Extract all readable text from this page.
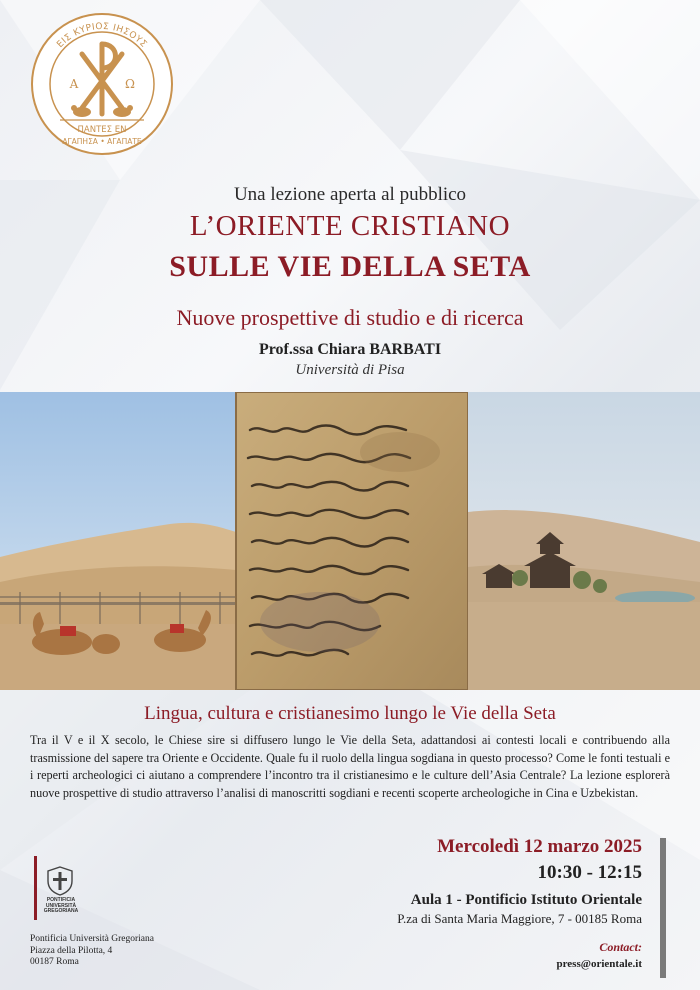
ΕΙΣ ΚΥΡΙΟΣ ΙΗΣΟΥΣ
Α	Ω
ΠΑΝΤΕΣ ΕΝ
ΑΓΑΠΗΣΑ • ΑΓΑΠΑΤΕ
Una lezione aperta al pubblico
L’ORIENTE CRISTIANO
SULLE VIE DELLA SETA
Nuove prospettive di studio e di ricerca
Prof.ssa Chiara BARBATI
Università di Pisa
Lingua, cultura e cristianesimo lungo le Vie della Seta
Tra il V e il X secolo, le Chiese sire si diffusero lungo le Vie della Seta, adattandosi ai contesti locali e contribuendo alla trasmissione del sapere tra Oriente e Occidente. Quale fu il ruolo della lingua sogdiana in questo processo? Come le fonti testuali e i reperti archeologici ci aiutano a comprendere l’incontro tra il cristianesimo e le culture dell’Asia Centrale? La lezione esplorerà nuove prospettive di studio attraverso l’analisi di manoscritti sogdiani e recenti scoperte archeologiche in Cina e Uzbekistan.
PONTIFICIA
UNIVERSITÀ
GREGORIANA
Pontificia Università Gregoriana
Piazza della Pilotta, 4
00187 Roma
Mercoledì 12 marzo 2025
10:30 - 12:15
Aula 1 - Pontificio Istituto Orientale
P.za di Santa Maria Maggiore, 7 - 00185 Roma
Contact:
press@orientale.it
